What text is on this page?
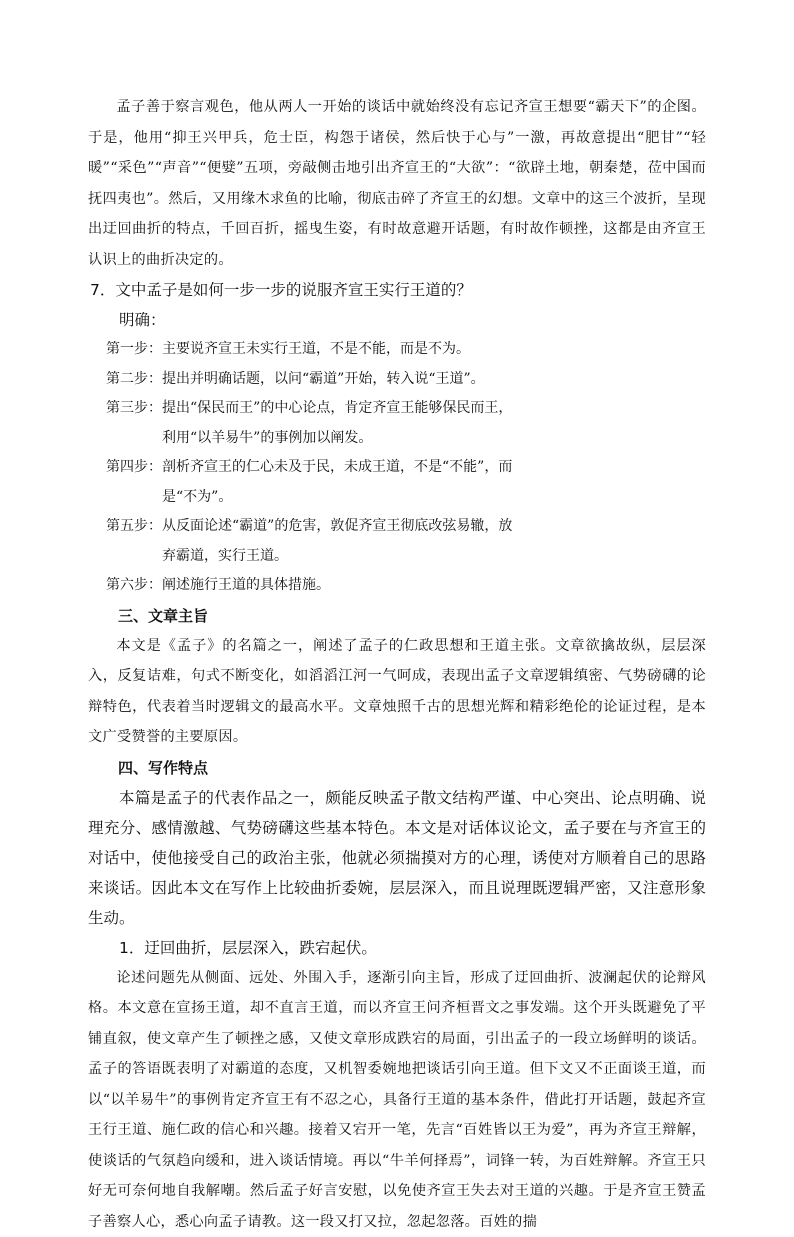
孟子善于察言观色，他从两人一开始的谈话中就始终没有忘记齐宣王想要“霸天下”的企图。于是，他用“抑王兴甲兵，危士臣，构怨于诸侯，然后快于心与”一激，再故意提出“肥甘”“轻暖”“采色”“声音”“便嬖”五项，旁敲侧击地引出齐宣王的“大欲”：“欲辟土地，朝秦楚，莅中国而抚四夷也”。然后，又用缘木求鱼的比喻，彻底击碎了齐宣王的幻想。文章中的这三个波折，呈现出迂回曲折的特点，千回百折，摇曳生姿，有时故意避开话题，有时故作顿挫，这都是由齐宣王认识上的曲折决定的。

7．文中孟子是如何一步一步的说服齐宣王实行王道的？

明确：

第一步： 主要说齐宣王未实行王道，不是不能，而是不为。
第二步： 提出并明确话题，以问“霸道”开始，转入说“王道”。
第三步： 提出“保民而王”的中心论点，肯定齐宣王能够保民而王，
利用“以羊易牛”的事例加以阐发。
第四步： 剖析齐宣王的仁心未及于民，未成王道，不是“不能”，而
是“不为”。
第五步： 从反面论述“霸道”的危害，敦促齐宣王彻底改弦易辙，放
弃霸道，实行王道。
第六步： 阐述施行王道的具体措施。
三、文章主旨

本文是《孟子》的名篇之一，阐述了孟子的仁政思想和王道主张。文章欲擒故纵，层层深入，反复诘难，句式不断变化，如滔滔江河一气呵成，表现出孟子文章逻辑缜密、气势磅礴的论辩特色，代表着当时逻辑文的最高水平。文章烛照千古的思想光辉和精彩绝伦的论证过程，是本文广受赞誉的主要原因。

四、写作特点

本篇是孟子的代表作品之一，颇能反映孟子散文结构严谨、中心突出、论点明确、说理充分、感情激越、气势磅礴这些基本特色。本文是对话体议论文，孟子要在与齐宣王的对话中，使他接受自己的政治主张，他就必须揣摸对方的心理，诱使对方顺着自己的思路来谈话。因此本文在写作上比较曲折委婉，层层深入，而且说理既逻辑严密，又注意形象生动。

1．迂回曲折，层层深入，跌宕起伏。

论述问题先从侧面、远处、外围入手，逐渐引向主旨，形成了迂回曲折、波澜起伏的论辩风格。本文意在宣扬王道，却不直言王道，而以齐宣王问齐桓晋文之事发端。这个开头既避免了平铺直叙，使文章产生了顿挫之感，又使文章形成跌宕的局面，引出孟子的一段立场鲜明的谈话。孟子的答语既表明了对霸道的态度，又机智委婉地把谈话引向王道。但下文又不正面谈王道，而以“以羊易牛”的事例肯定齐宣王有不忍之心，具备行王道的基本条件，借此打开话题，鼓起齐宣王行王道、施仁政的信心和兴趣。接着又宕开一笔，先言“百姓皆以王为爱”，再为齐宣王辩解，使谈话的气氛趋向缓和，进入谈话情境。再以“牛羊何择焉”，词锋一转，为百姓辩解。齐宣王只好无可奈何地自我解嘲。然后孟子好言安慰，以免使齐宣王失去对王道的兴趣。于是齐宣王赞孟子善察人心，悉心向孟子请教。这一段又打又拉，忽起忽落。百姓的揣
